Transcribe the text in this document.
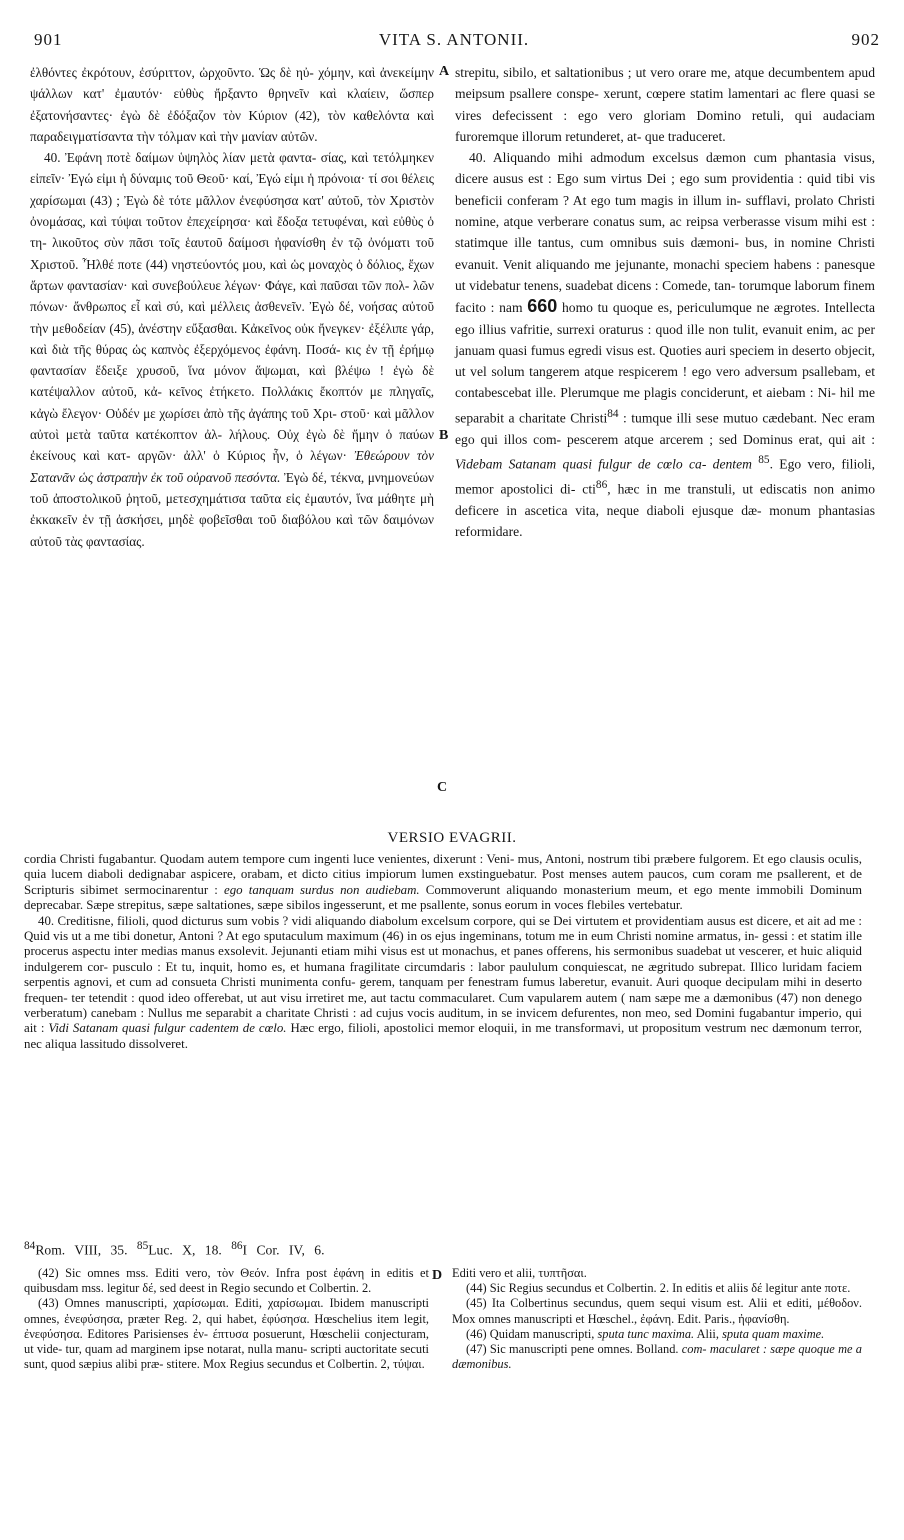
901	VITA S. ANTONII.	902

ἐλθόντες ἐκρότουν, ἐσύριττον, ὠρχοῦντο. Ὡς δὲ ηὐ- χόμην, καὶ ἀνεκείμην ψάλλων κατ' ἐμαυτόν· εὐθὺς ἤρξαντο θρηνεῖν καὶ κλαίειν, ὥσπερ ἐξατονήσαντες· ἐγὼ δὲ ἐδόξαζον τὸν Κύριον (42), τὸν καθελόντα καὶ παραδειγματίσαντα τὴν τόλμαν καὶ τὴν μανίαν αὐτῶν.

40. Ἐφάνη ποτὲ δαίμων ὑψηλὸς λίαν μετὰ φαντα- σίας, καὶ τετόλμηκεν εἰπεῖν· Ἐγώ εἰμι ἡ δύναμις τοῦ Θεοῦ· καί, Ἐγώ εἰμι ἡ πρόνοια· τί σοι θέλεις χαρίσωμαι (43) ; Ἐγὼ δὲ τότε μᾶλλον ἐνεφύσησα κατ' αὐτοῦ, τὸν Χριστὸν ὀνομάσας, καὶ τύψαι τοῦτον ἐπεχείρησα· καὶ ἔδοξα τετυφέναι, καὶ εὐθὺς ὁ τη- λικοῦτος σὺν πᾶσι τοῖς ἑαυτοῦ δαίμοσι ἠφανίσθη ἐν τῷ ὀνόματι τοῦ Χριστοῦ. Ἦλθέ ποτε (44) νηστεύοντός μου, καὶ ὡς μοναχὸς ὁ δόλιος, ἔχων ἄρτων φαντασίαν· καὶ συνεβούλευε λέγων· Φάγε, καὶ παῦσαι τῶν πολ- λῶν πόνων· ἄνθρωπος εἶ καὶ σύ, καὶ μέλλεις ἀσθενεῖν. Ἐγὼ δέ, νοήσας αὐτοῦ τὴν μεθοδείαν (45), ἀνέστην εὔξασθαι. Κἀκεῖνος οὐκ ἤνεγκεν· ἐξέλιπε γάρ, καὶ διὰ τῆς θύρας ὡς καπνὸς ἐξερχόμενος ἐφάνη. Ποσά- κις ἐν τῇ ἐρήμῳ φαντασίαν ἔδειξε χρυσοῦ, ἵνα μόνον ἅψωμαι, καὶ βλέψω ! ἐγὼ δὲ κατέψαλλον αὐτοῦ, κἀ- κεῖνος ἐτήκετο. Πολλάκις ἔκοπτόν με πληγαῖς, κἀγὼ ἔλεγον· Οὐδέν με χωρίσει ἀπὸ τῆς ἀγάπης τοῦ Χρι- στοῦ· καὶ μᾶλλον αὐτοὶ μετὰ ταῦτα κατέκοπτον ἀλ- λήλους. Οὐχ ἐγὼ δὲ ἤμην ὁ παύων ἐκείνους καὶ κατ- αργῶν· ἀλλ' ὁ Κύριος ἦν, ὁ λέγων· Ἐθεώρουν τὸν Σατανᾶν ὡς ἀστραπὴν ἐκ τοῦ οὐρανοῦ πεσόντα. Ἐγὼ δέ, τέκνα, μνημονεύων τοῦ ἀποστολικοῦ ῥητοῦ, μετεσχημάτισα ταῦτα εἰς ἐμαυτόν, ἵνα μάθητε μὴ ἐκκακεῖν ἐν τῇ ἀσκήσει, μηδὲ φοβεῖσθαι τοῦ διαβόλου καὶ τῶν δαιμόνων αὐτοῦ τὰς φαντασίας.

A
B
C

strepitu, sibilo, et saltationibus ; ut vero orare me, atque decumbentem apud meipsum psallere conspe- xerunt, cœpere statim lamentari ac flere quasi se vires defecissent : ego vero gloriam Domino retuli, qui audaciam furoremque illorum retunderet, at- que traduceret.

40. Aliquando mihi admodum excelsus dæmon cum phantasia visus, dicere ausus est : Ego sum virtus Dei ; ego sum providentia : quid tibi vis beneficii conferam ? At ego tum magis in illum in- sufflavi, prolato Christi nomine, atque verberare conatus sum, ac reipsa verberasse visum mihi est : statimque ille tantus, cum omnibus suis dæmoni- bus, in nomine Christi evanuit. Venit aliquando me jejunante, monachi speciem habens : panesque ut videbatur tenens, suadebat dicens : Comede, tan- torumque laborum finem facito : nam 660 homo tu quoque es, periculumque ne ægrotes. Intellecta ego illius vafritie, surrexi oraturus : quod ille non tulit, evanuit enim, ac per januam quasi fumus egredi visus est. Quoties auri speciem in deserto objecit, ut vel solum tangerem atque respicerem ! ego vero adversum psallebam, et contabescebat ille. Plerumque me plagis conciderunt, et aiebam : Ni- hil me separabit a charitate Christi$^{84}$ : tumque illi sese mutuo cædebant. Nec eram ego qui illos com- pescerem atque arcerem ; sed Dominus erat, qui ait : Videbam Satanam quasi fulgur de cœlo ca- dentem $^{85}$. Ego vero, filioli, memor apostolici di- cti$^{86}$, hæc in me transtuli, ut ediscatis non animo deficere in ascetica vita, neque diaboli ejusque dæ- monum phantasias reformidare.

VERSIO EVAGRII.

cordia Christi fugabantur. Quodam autem tempore cum ingenti luce venientes, dixerunt : Veni- mus, Antoni, nostrum tibi præbere fulgorem. Et ego clausis oculis, quia lucem diaboli dedignabar aspicere, orabam, et dicto citius impiorum lumen exstinguebatur. Post menses autem paucos, cum coram me psallerent, et de Scripturis sibimet sermocinarentur : ego tanquam surdus non audiebam. Commoverunt aliquando monasterium meum, et ego mente immobili Dominum deprecabar. Sæpe strepitus, sæpe saltationes, sæpe sibilos ingesserunt, et me psallente, sonus eorum in voces flebiles vertebatur.

40. Creditisne, filioli, quod dicturus sum vobis ? vidi aliquando diabolum excelsum corpore, qui se Dei virtutem et providentiam ausus est dicere, et ait ad me : Quid vis ut a me tibi donetur, Antoni ? At ego sputaculum maximum (46) in os ejus ingeminans, totum me in eum Christi nomine armatus, in- gessi : et statim ille procerus aspectu inter medias manus exsolevit. Jejunanti etiam mihi visus est ut monachus, et panes offerens, his sermonibus suadebat ut vescerer, et huic aliquid indulgerem cor- pusculo : Et tu, inquit, homo es, et humana fragilitate circumdaris : labor paululum conquiescat, ne ægritudo subrepat. Illico luridam faciem serpentis agnovi, et cum ad consueta Christi munimenta confu- gerem, tanquam per fenestram fumus laberetur, evanuit. Auri quoque decipulam mihi in deserto frequen- ter tetendit : quod ideo offerebat, ut aut visu irretiret me, aut tactu commacularet. Cum vapularem autem ( nam sæpe me a dæmonibus (47) non denego verberatum) canebam : Nullus me separabit a charitate Christi : ad cujus vocis auditum, in se invicem defurentes, non meo, sed Domini fugabantur imperio, qui ait : Vidi Satanam quasi fulgur cadentem de cœlo. Hæc ergo, filioli, apostolici memor eloquii, in me transformavi, ut propositum vestrum nec dæmonum terror, nec aliqua lassitudo dissolveret.

$^{84}$Rom. VIII, 35. $^{85}$Luc. X, 18. $^{86}$I Cor. IV, 6.

(42) Sic omnes mss. Editi vero, τὸν Θεόν. Infra post ἐφάνη in editis et quibusdam mss. legitur δέ, sed deest in Regio secundo et Colbertin. 2.

(43) Omnes manuscripti, χαρίσωμαι. Editi, χαρίσωμαι. Ibidem manuscripti omnes, ἐνεφύσησα, præter Reg. 2, qui habet, ἐφύσησα. Hœschelius item legit, ἐνεφύσησα. Editores Parisienses ἐν- έπτυσα posuerunt, Hœschelii conjecturam, ut vide- tur, quam ad marginem ipse notarat, nulla manu- scripti auctoritate secuti sunt, quod sæpius alibi præ- stitere. Mox Regius secundus et Colbertin. 2, τύψαι.

D Editi vero et alii, τυπτῆσαι.

(44) Sic Regius secundus et Colbertin. 2. In editis et aliis δέ legitur ante ποτε.

(45) Ita Colbertinus secundus, quem sequi visum est. Alii et editi, μέθοδον. Mox omnes manuscripti et Hœschel., ἐφάνη. Edit. Paris., ἠφανίσθη.

(46) Quidam manuscripti, sputa tunc maxima. Alii, sputa quam maxime.

(47) Sic manuscripti pene omnes. Bolland. com- macularet : sæpe quoque me a dæmonibus.
